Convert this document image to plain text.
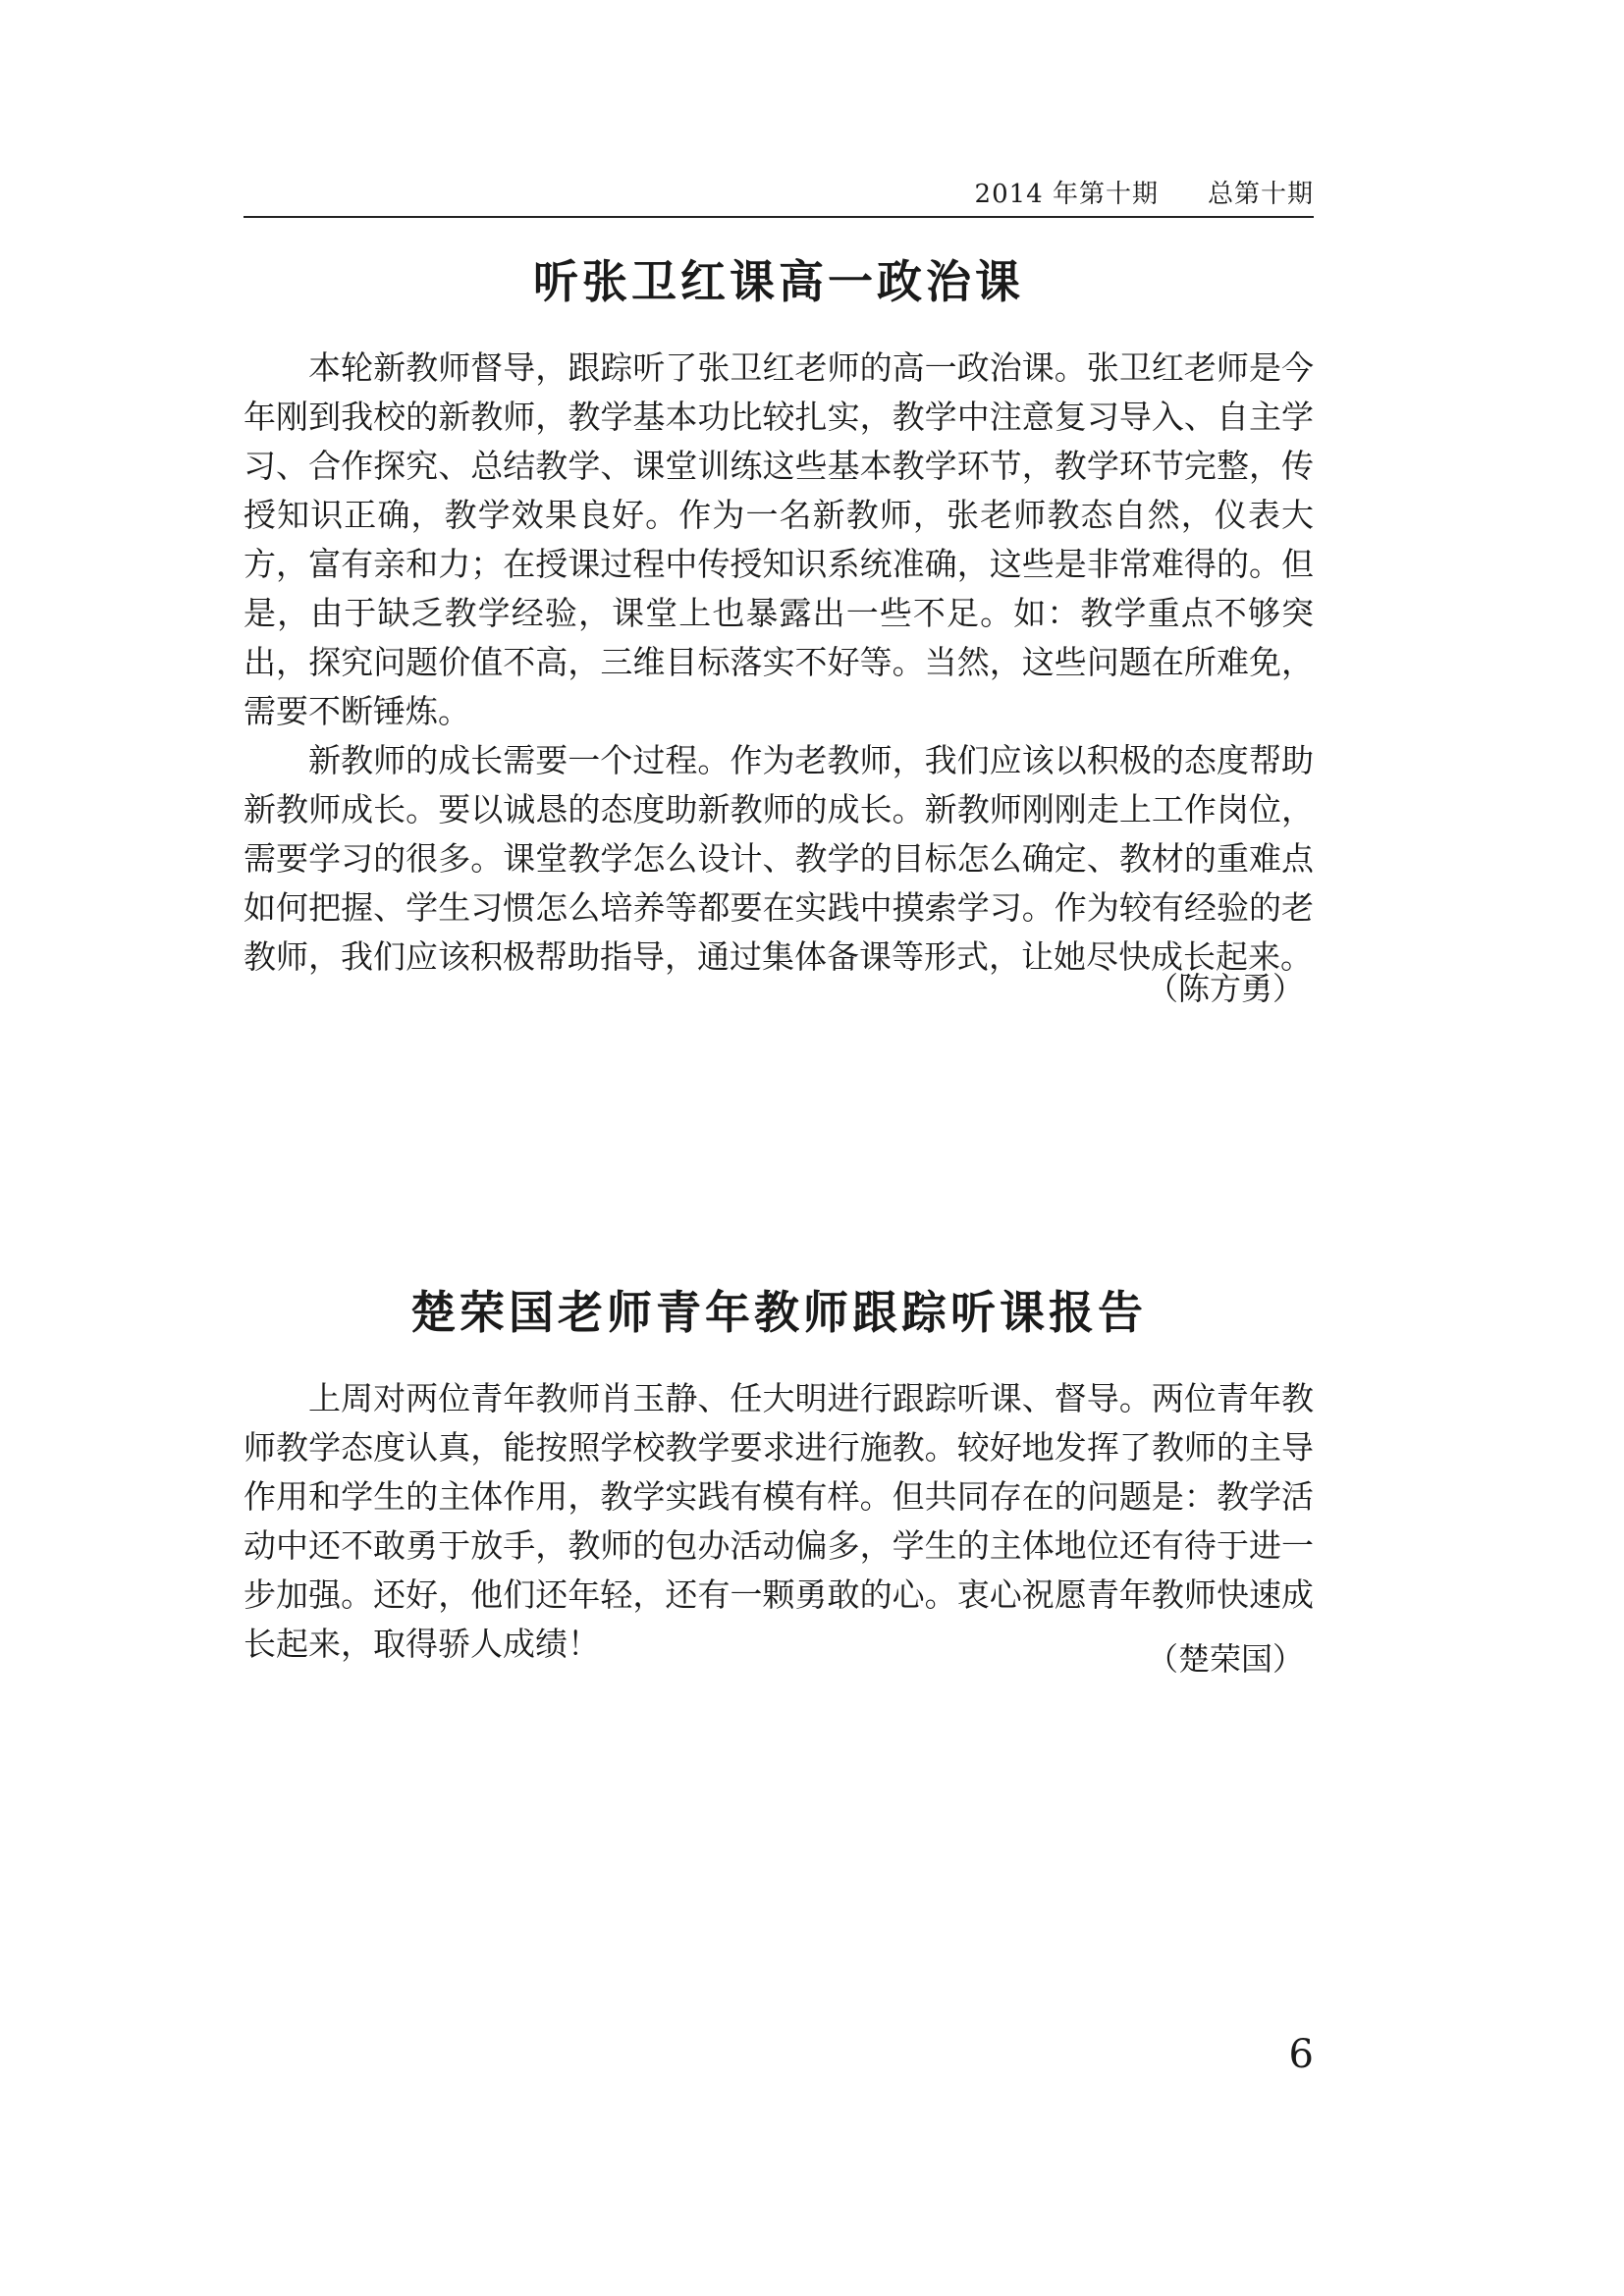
2014 年第十期 总第十期
听张卫红课高一政治课

本轮新教师督导，跟踪听了张卫红老师的高一政治课。张卫红老师是今年刚到我校的新教师，教学基本功比较扎实，教学中注意复习导入、自主学习、合作探究、总结教学、课堂训练这些基本教学环节，教学环节完整，传授知识正确，教学效果良好。作为一名新教师，张老师教态自然，仪表大方，富有亲和力；在授课过程中传授知识系统准确，这些是非常难得的。但是，由于缺乏教学经验，课堂上也暴露出一些不足。如：教学重点不够突出，探究问题价值不高，三维目标落实不好等。当然，这些问题在所难免，需要不断锤炼。

新教师的成长需要一个过程。作为老教师，我们应该以积极的态度帮助新教师成长。要以诚恳的态度助新教师的成长。新教师刚刚走上工作岗位，需要学习的很多。课堂教学怎么设计、教学的目标怎么确定、教材的重难点如何把握、学生习惯怎么培养等都要在实践中摸索学习。作为较有经验的老教师，我们应该积极帮助指导，通过集体备课等形式，让她尽快成长起来。

（陈方勇）
楚荣国老师青年教师跟踪听课报告

上周对两位青年教师肖玉静、任大明进行跟踪听课、督导。两位青年教师教学态度认真，能按照学校教学要求进行施教。较好地发挥了教师的主导作用和学生的主体作用，教学实践有模有样。但共同存在的问题是：教学活动中还不敢勇于放手，教师的包办活动偏多，学生的主体地位还有待于进一步加强。还好，他们还年轻，还有一颗勇敢的心。衷心祝愿青年教师快速成长起来，取得骄人成绩！	（楚荣国）
6
